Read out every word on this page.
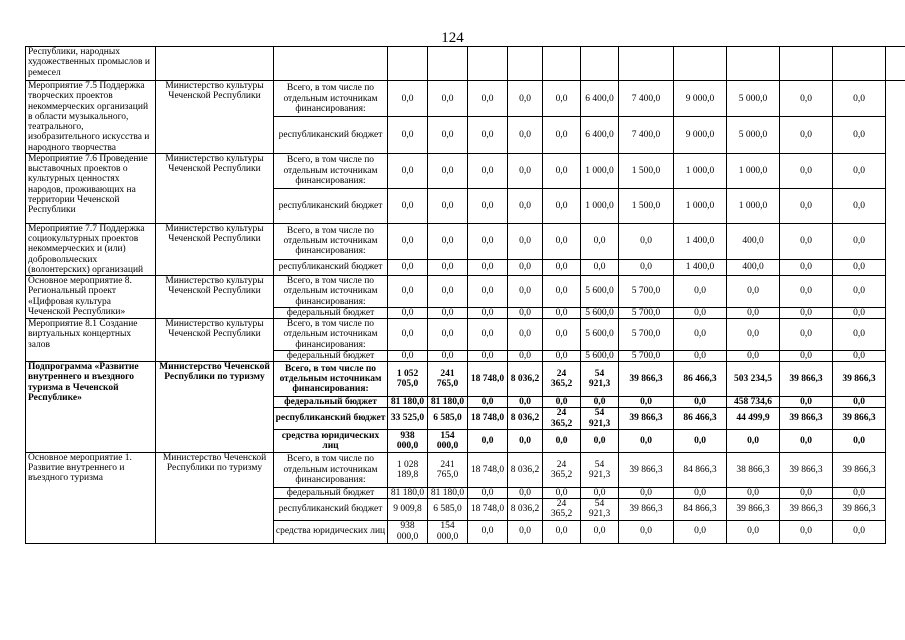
124
Республики, народных художественных промыслов и ремесел														
Мероприятие 7.5 Поддержка творческих проектов некоммерческих организаций в области музыкального, театрального, изобразительного искусства и народного творчества	Министерство культуры Чеченской Республики	Всего, в том числе по отдельным источникам финансирования:	0,0	0,0	0,0	0,0	0,0	6 400,0	7 400,0	9 000,0	5 000,0	0,0	0,0	
		республиканский бюджет	0,0	0,0	0,0	0,0	0,0	6 400,0	7 400,0	9 000,0	5 000,0	0,0	0,0	
Мероприятие 7.6 Проведение выставочных проектов о культурных ценностях народов, проживающих на территории Чеченской Республики	Министерство культуры Чеченской Республики	Всего, в том числе по отдельным источникам финансирования:	0,0	0,0	0,0	0,0	0,0	1 000,0	1 500,0	1 000,0	1 000,0	0,0	0,0	
		республиканский бюджет	0,0	0,0	0,0	0,0	0,0	1 000,0	1 500,0	1 000,0	1 000,0	0,0	0,0	
Мероприятие 7.7 Поддержка социокультурных проектов некоммерческих и (или) добровольческих (волонтерских) организаций	Министерство культуры Чеченской Республики	Всего, в том числе по отдельным источникам финансирования:	0,0	0,0	0,0	0,0	0,0	0,0	0,0	1 400,0	400,0	0,0	0,0	
		республиканский бюджет	0,0	0,0	0,0	0,0	0,0	0,0	0,0	1 400,0	400,0	0,0	0,0	
Основное мероприятие 8. Региональный проект «Цифровая культура Чеченской Республики»	Министерство культуры Чеченской Республики	Всего, в том числе по отдельным источникам финансирования:	0,0	0,0	0,0	0,0	0,0	5 600,0	5 700,0	0,0	0,0	0,0	0,0	
		федеральный бюджет	0,0	0,0	0,0	0,0	0,0	5 600,0	5 700,0	0,0	0,0	0,0	0,0	
Мероприятие 8.1 Создание виртуальных концертных залов	Министерство культуры Чеченской Республики	Всего, в том числе по отдельным источникам финансирования:	0,0	0,0	0,0	0,0	0,0	5 600,0	5 700,0	0,0	0,0	0,0	0,0	
		федеральный бюджет	0,0	0,0	0,0	0,0	0,0	5 600,0	5 700,0	0,0	0,0	0,0	0,0	
Подпрограмма «Развитие внутреннего и въездного туризма в Чеченской Республике»	Министерство Чеченской Республики по туризму	Всего, в том числе по отдельным источникам финансирования:	1 052 705,0	241 765,0	18 748,0	8 036,2	24 365,2	54 921,3	39 866,3	86 466,3	503 234,5	39 866,3	39 866,3	
		федеральный бюджет	81 180,0	81 180,0	0,0	0,0	0,0	0,0	0,0	0,0	458 734,6	0,0	0,0	
		республиканский бюджет	33 525,0	6 585,0	18 748,0	8 036,2	24 365,2	54 921,3	39 866,3	86 466,3	44 499,9	39 866,3	39 866,3	
		средства юридических лиц	938 000,0	154 000,0	0,0	0,0	0,0	0,0	0,0	0,0	0,0	0,0	0,0	
Основное мероприятие 1. Развитие внутреннего и въездного туризма	Министерство Чеченской Республики по туризму	Всего, в том числе по отдельным источникам финансирования:	1 028 189,8	241 765,0	18 748,0	8 036,2	24 365,2	54 921,3	39 866,3	84 866,3	38 866,3	39 866,3	39 866,3	
		федеральный бюджет	81 180,0	81 180,0	0,0	0,0	0,0	0,0	0,0	0,0	0,0	0,0	0,0	
		республиканский бюджет	9 009,8	6 585,0	18 748,0	8 036,2	24 365,2	54 921,3	39 866,3	84 866,3	39 866,3	39 866,3	39 866,3	
		средства юридических лиц	938 000,0	154 000,0	0,0	0,0	0,0	0,0	0,0	0,0	0,0	0,0	0,0	
